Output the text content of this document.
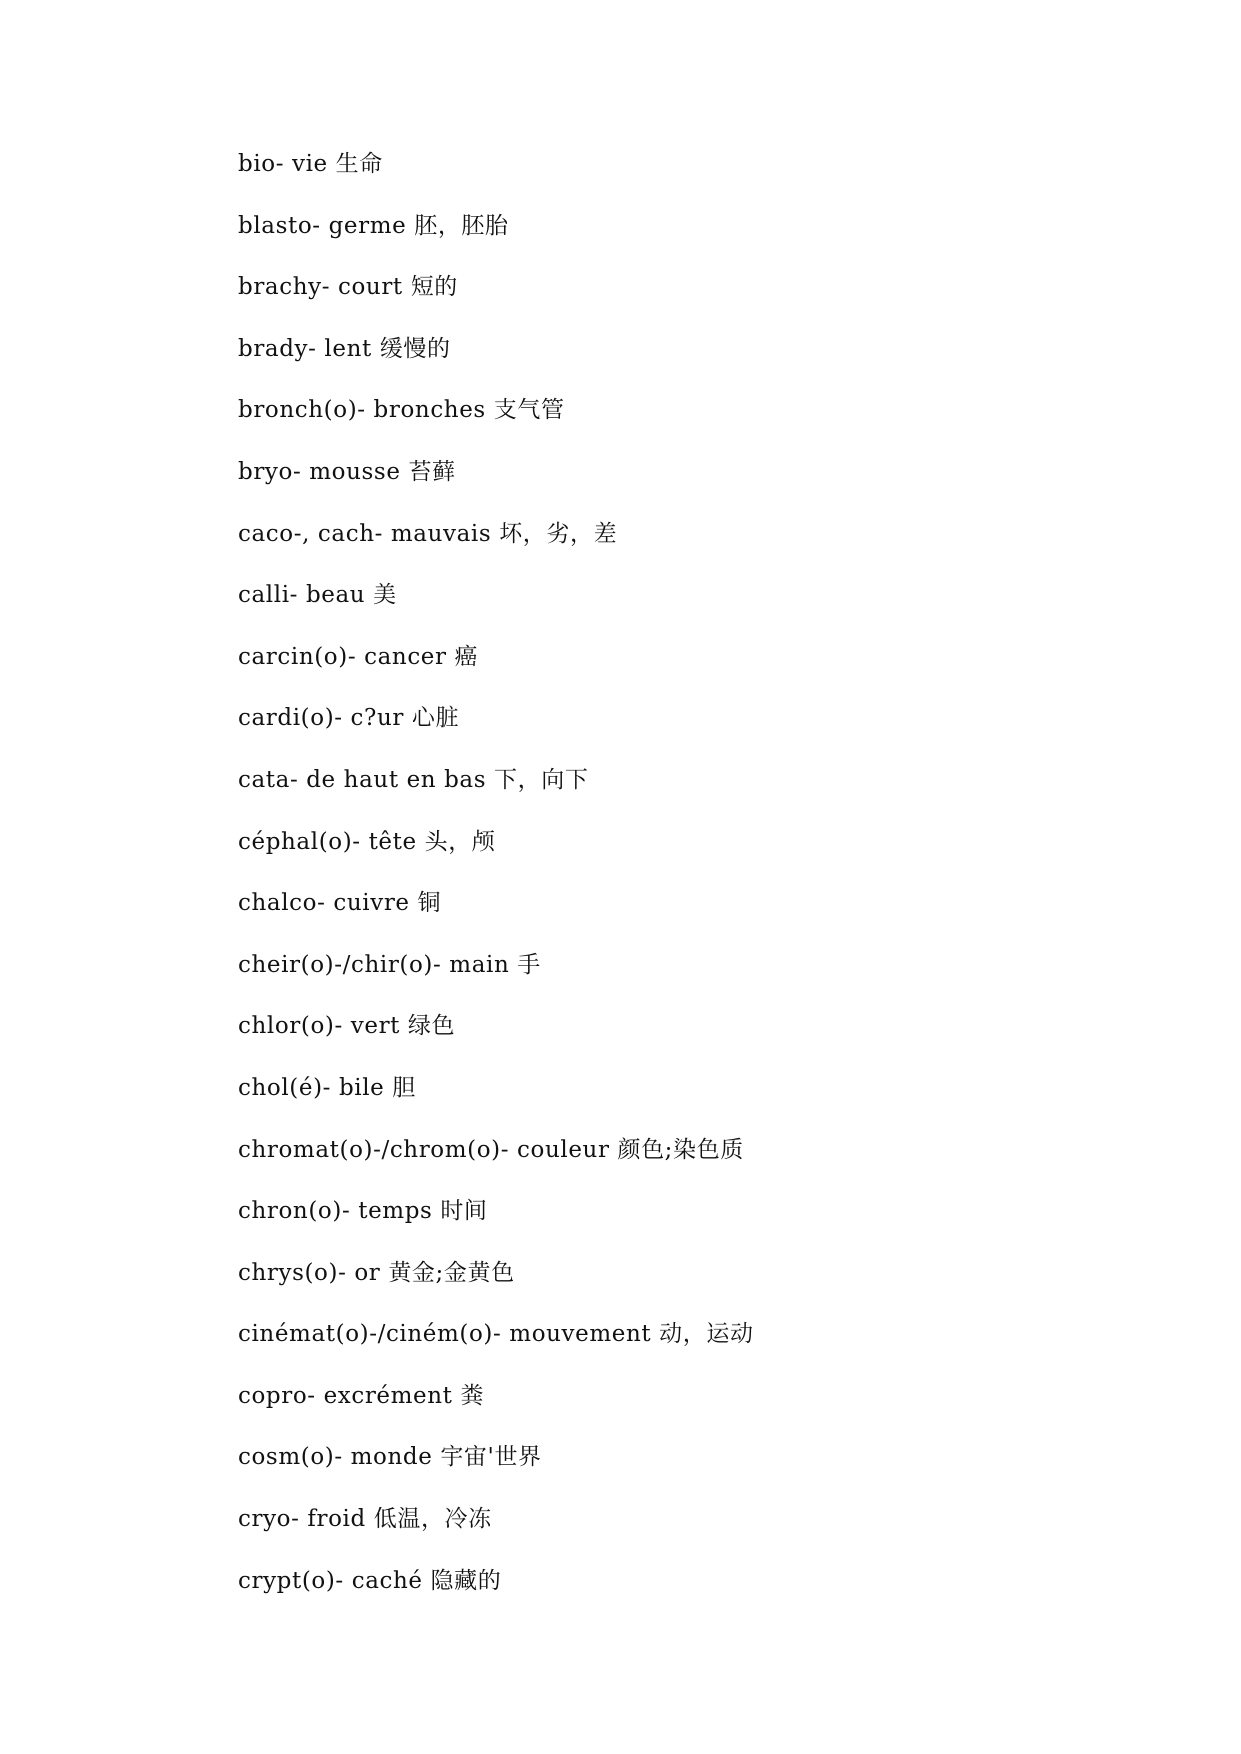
bio- vie 生命
blasto- germe 胚，胚胎
brachy- court 短的
brady- lent 缓慢的
bronch(o)- bronches 支气管
bryo- mousse 苔藓
caco-, cach- mauvais 坏，劣，差
calli- beau 美
carcin(o)- cancer 癌
cardi(o)- c?ur 心脏
cata- de haut en bas 下，向下
céphal(o)- tête 头，颅
chalco- cuivre 铜
cheir(o)-/chir(o)- main 手
chlor(o)- vert 绿色
chol(é)- bile 胆
chromat(o)-/chrom(o)- couleur 颜色;染色质
chron(o)- temps 时间
chrys(o)- or 黄金;金黄色
cinémat(o)-/ciném(o)- mouvement 动，运动
copro- excrément 粪
cosm(o)- monde 宇宙'世界
cryo- froid 低温，冷冻
crypt(o)- caché 隐藏的
